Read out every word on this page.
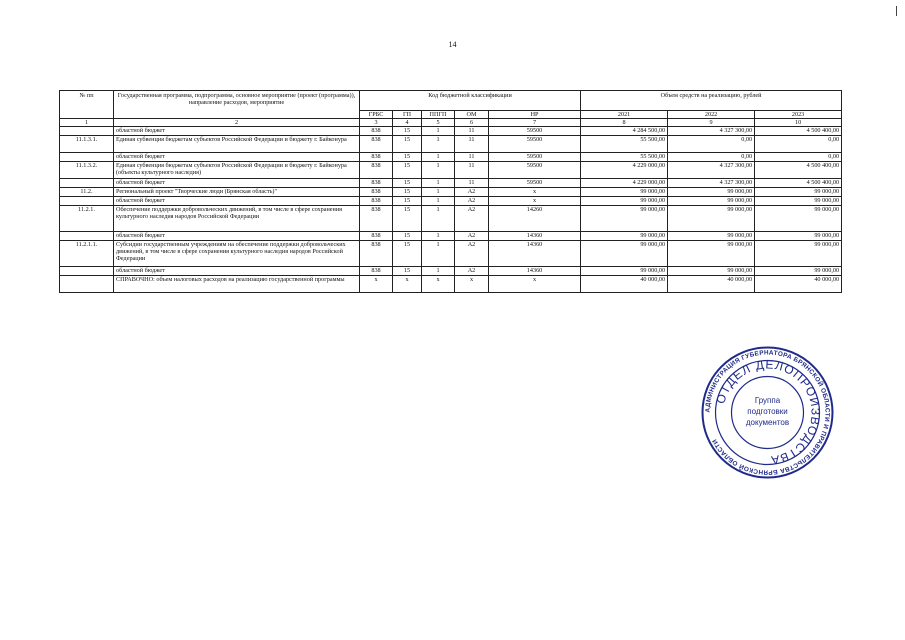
14
№ пп	Государственная программа, подпрограмма, основное мероприятие (проект (программа)), направление расходов, мероприятие	Код бюджетной классификации					Объем средств на реализацию, рублей		
		ГРБС	ГП	ППГП	ОМ	НР	2021	2022	2023
1	2	3	4	5	6	7	8	9	10
	областной бюджет	838	15	1	11	59500	4 284 500,00	4 327 300,00	4 500 400,00
11.1.3.1.	Единая субвенция бюджетам субъектов Российской Федерации и бюджету г. Байконура	838	15	1	11	59500	55 500,00	0,00	0,00
	областной бюджет	838	15	1	11	59500	55 500,00	0,00	0,00
11.1.3.2.	Единая субвенция бюджетам субъектов Российской Федерации и бюджету г. Байконура (объекты культурного наследия)	838	15	1	11	59500	4 229 000,00	4 327 300,00	4 500 400,00
	областной бюджет	838	15	1	11	59500	4 229 000,00	4 327 300,00	4 500 400,00
11.2.	Региональный проект "Творческие люди (Брянская область)"	838	15	1	A2	x	99 000,00	99 000,00	99 000,00
	областной бюджет	838	15	1	A2	x	99 000,00	99 000,00	99 000,00
11.2.1.	Обеспечение поддержки добровольческих движений, в том числе в сфере сохранения культурного наследия народов Российской Федерации	838	15	1	A2	14260	99 000,00	99 000,00	99 000,00
	областной бюджет	838	15	1	A2	14360	99 000,00	99 000,00	99 000,00
11.2.1.1.	Субсидии государственным учреждениям на обеспечение поддержки добровольческих движений, в том числе в сфере сохранения культурного наследия народов Российской Федерации	838	15	1	A2	14360	99 000,00	99 000,00	99 000,00
	областной бюджет	838	15	1	A2	14360	99 000,00	99 000,00	99 000,00
	СПРАВОЧНО: объем налоговых расходов на реализацию государственной программы	x	x	x	x	x	40 000,00	40 000,00	40 000,00
АДМИНИСТРАЦИЯ ГУБЕРНАТОРА БРЯНСКОЙ ОБЛАСТИ И ПРАВИТЕЛЬСТВА БРЯНСКОЙ ОБЛАСТИ
ОТДЕЛ ДЕЛОПРОИЗВОДСТВА
Группа
подготовки
документов
